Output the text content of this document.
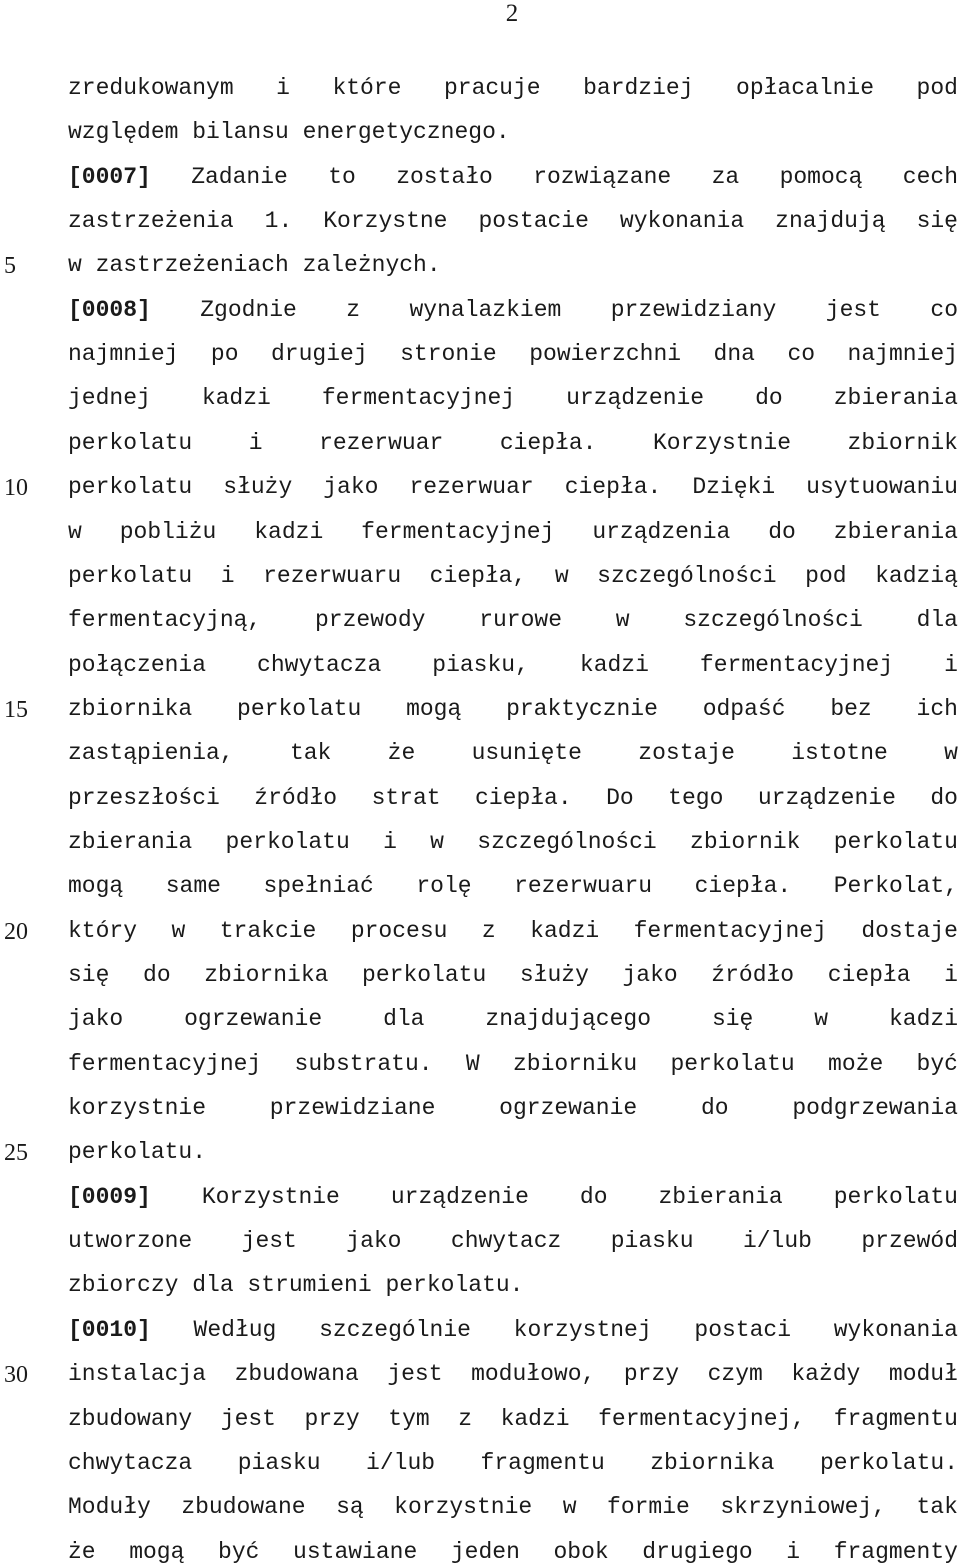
2
5
10
15
20
25
30
zredukowanym i które pracuje bardziej opłacalnie pod
względem bilansu energetycznego.
[0007] Zadanie to zostało rozwiązane za pomocą cech
zastrzeżenia 1. Korzystne postacie wykonania znajdują się
w zastrzeżeniach zależnych.
[0008] Zgodnie z wynalazkiem przewidziany jest co
najmniej po drugiej stronie powierzchni dna co najmniej
jednej kadzi fermentacyjnej urządzenie do zbierania
perkolatu i rezerwuar ciepła. Korzystnie zbiornik
perkolatu służy jako rezerwuar ciepła. Dzięki usytuowaniu
w pobliżu kadzi fermentacyjnej urządzenia do zbierania
perkolatu i rezerwuaru ciepła, w szczególności pod kadzią
fermentacyjną, przewody rurowe w szczególności dla
połączenia chwytacza piasku, kadzi fermentacyjnej i
zbiornika perkolatu mogą praktycznie odpaść bez ich
zastąpienia, tak że usunięte zostaje istotne w
przeszłości źródło strat ciepła. Do tego urządzenie do
zbierania perkolatu i w szczególności zbiornik perkolatu
mogą same spełniać rolę rezerwuaru ciepła. Perkolat,
który w trakcie procesu z kadzi fermentacyjnej dostaje
się do zbiornika perkolatu służy jako źródło ciepła i
jako	ogrzewanie	dla	znajdującego	się	w	kadzi
fermentacyjnej substratu. W zbiorniku perkolatu może być
korzystnie	przewidziane	ogrzewanie	do	podgrzewania
perkolatu.
[0009] Korzystnie urządzenie do zbierania perkolatu
utworzone jest jako chwytacz piasku i/lub przewód
zbiorczy dla strumieni perkolatu.
[0010] Według szczególnie korzystnej postaci wykonania
instalacja zbudowana jest modułowo, przy czym każdy moduł
zbudowany jest przy tym z kadzi fermentacyjnej, fragmentu
chwytacza piasku i/lub fragmentu zbiornika perkolatu.
Moduły zbudowane są korzystnie w formie skrzyniowej, tak
że mogą być ustawiane jeden obok drugiego i fragmenty
